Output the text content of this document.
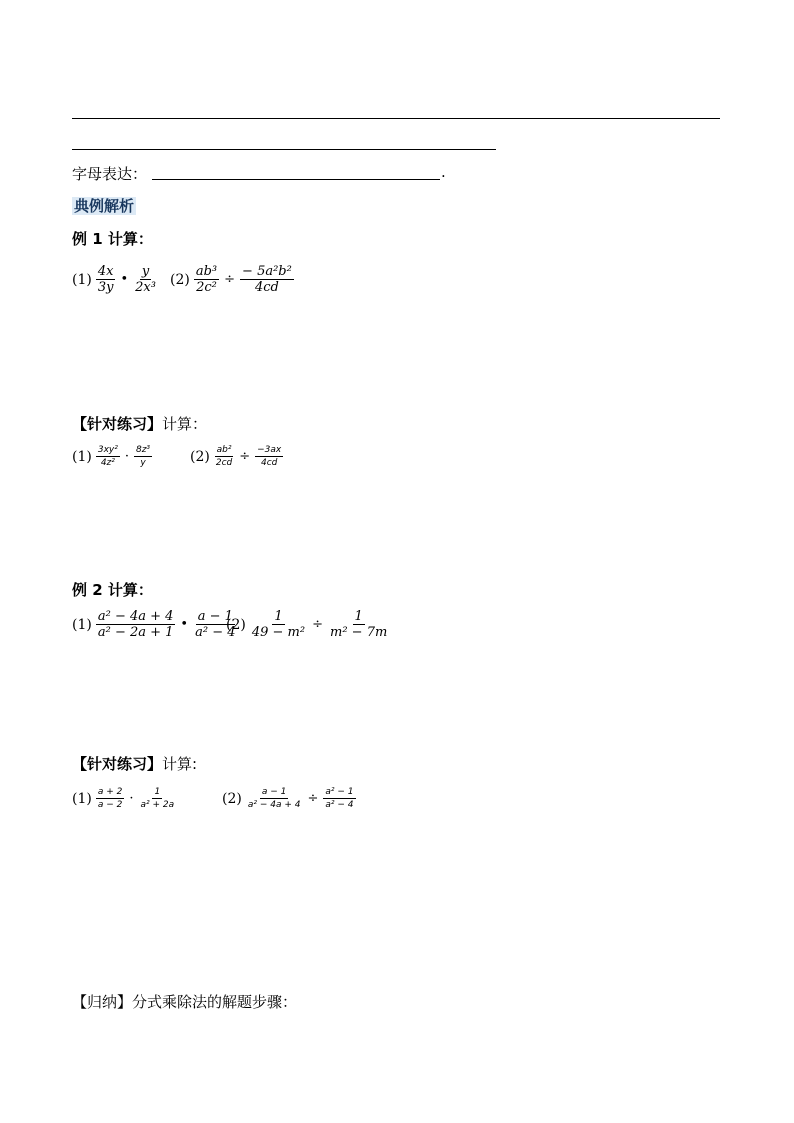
字母表达：	.
典例解析
例 1 计算：
$(1) \frac{4x}{3y}$ • $\frac{y}{\text{2x³}} (2) \frac{\text{ab³}}{\text{2c²}} \div \frac{\text{− 5a²b²}}{4cd}$
【针对练习】计算：
$(1) \frac{\text{3xy²}}{\text{4z²}} \cdot \frac{\text{8z³}}{y}$	$(2) \frac{\text{ab²}}{2cd} \div \frac{-3ax}{4cd}$
例 2 计算：
$(1) \frac{\text{a² − 4a + 4}}{\text{a² − 2a + 1}}$ • $\frac{a - 1}{\text{a² − 4}}$
$(2) \frac{1}{\text{49 − m²}} \div \frac{1}{\text{m² − 7m}}$
【针对练习】计算:
$(1) \frac{a + 2}{a - 2} \cdot \frac{1}{\text{a² + 2a}}$	$(2) \frac{a - 1}{\text{a² − 4a + 4}} \div \frac{\text{a² − 1}}{\text{a² − 4}}$
【归纳】分式乘除法的解题步骤：
